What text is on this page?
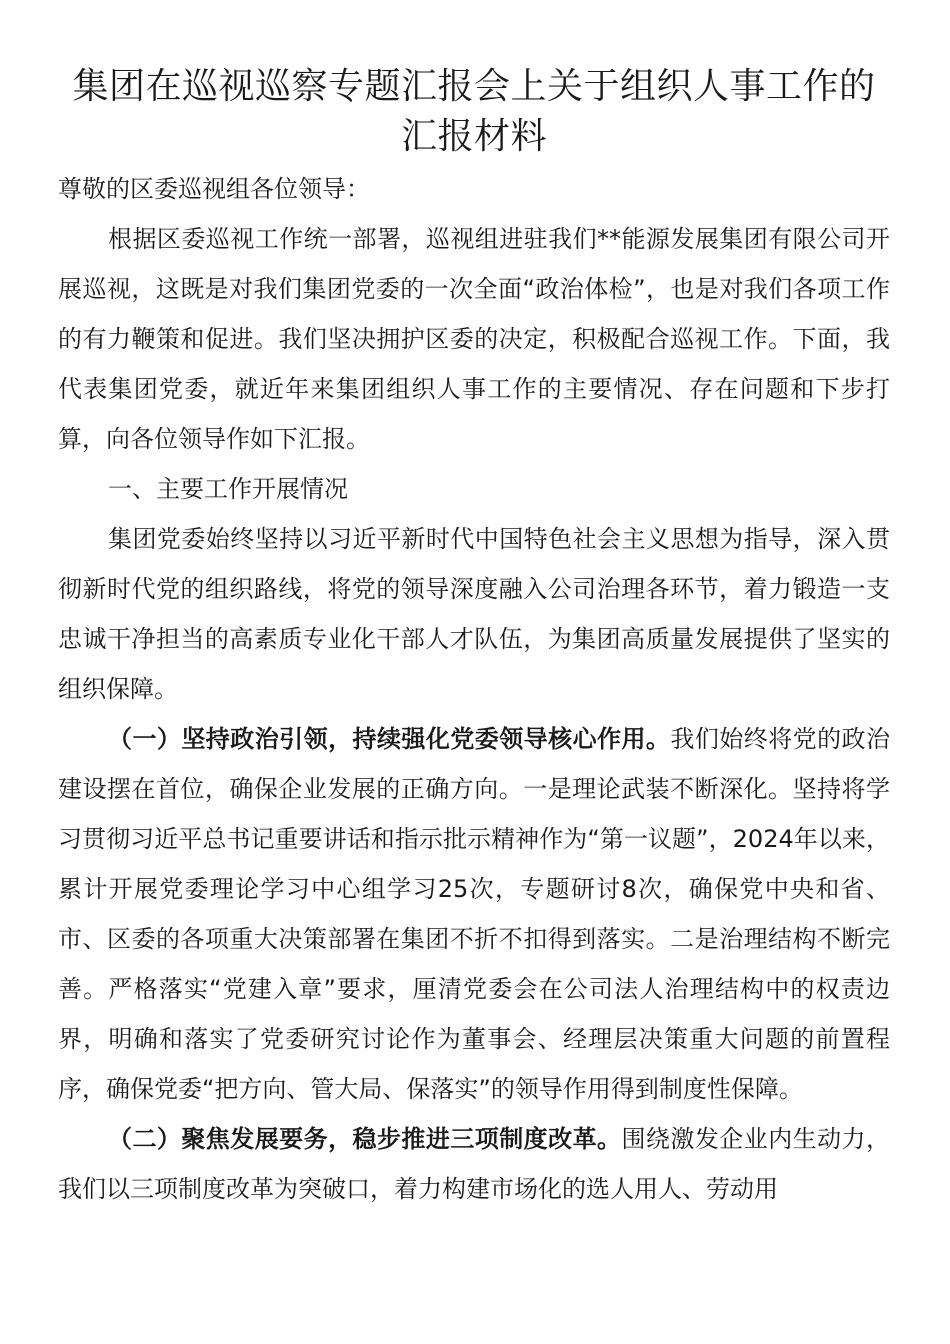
集团在巡视巡察专题汇报会上关于组织人事工作的汇报材料

尊敬的区委巡视组各位领导：

根据区委巡视工作统一部署，巡视组进驻我们**能源发展集团有限公司开展巡视，这既是对我们集团党委的一次全面“政治体检”，也是对我们各项工作的有力鞭策和促进。我们坚决拥护区委的决定，积极配合巡视工作。下面，我代表集团党委，就近年来集团组织人事工作的主要情况、存在问题和下步打算，向各位领导作如下汇报。

一、主要工作开展情况

集团党委始终坚持以习近平新时代中国特色社会主义思想为指导，深入贯彻新时代党的组织路线，将党的领导深度融入公司治理各环节，着力锻造一支忠诚干净担当的高素质专业化干部人才队伍，为集团高质量发展提供了坚实的组织保障。

（一）坚持政治引领，持续强化党委领导核心作用。我们始终将党的政治建设摆在首位，确保企业发展的正确方向。一是理论武装不断深化。坚持将学习贯彻习近平总书记重要讲话和指示批示精神作为“第一议题”，2024年以来，累计开展党委理论学习中心组学习25次，专题研讨8次，确保党中央和省、市、区委的各项重大决策部署在集团不折不扣得到落实。二是治理结构不断完善。严格落实“党建入章”要求，厘清党委会在公司法人治理结构中的权责边界，明确和落实了党委研究讨论作为董事会、经理层决策重大问题的前置程序，确保党委“把方向、管大局、保落实”的领导作用得到制度性保障。

（二）聚焦发展要务，稳步推进三项制度改革。围绕激发企业内生动力，我们以三项制度改革为突破口，着力构建市场化的选人用人、劳动用
